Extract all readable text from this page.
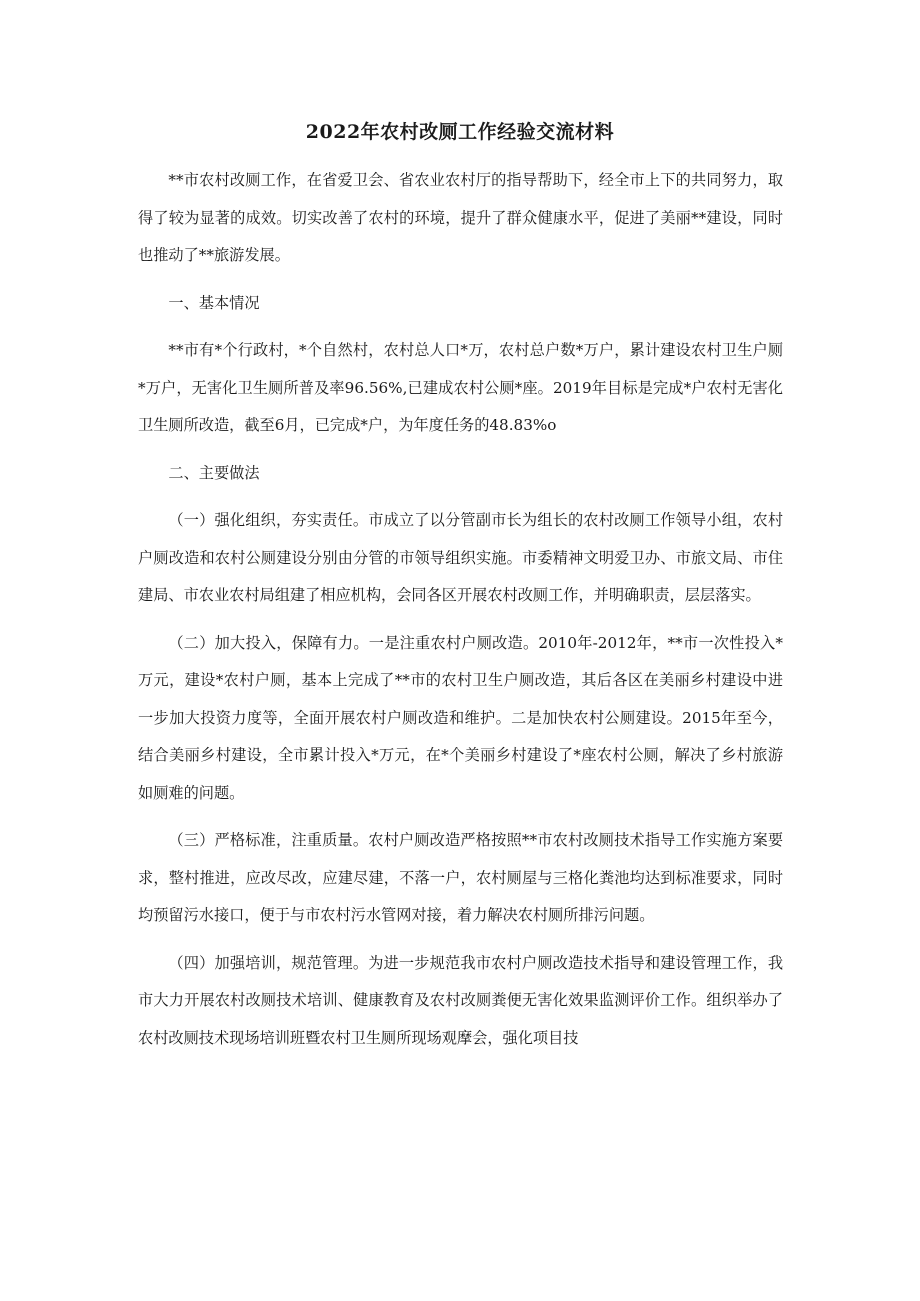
2022年农村改厕工作经验交流材料

**市农村改厕工作，在省爱卫会、省农业农村厅的指导帮助下，经全市上下的共同努力，取得了较为显著的成效。切实改善了农村的环境，提升了群众健康水平，促进了美丽**建设，同时也推动了**旅游发展。

一、基本情况

**市有*个行政村，*个自然村，农村总人口*万，农村总户数*万户，累计建设农村卫生户厕*万户，无害化卫生厕所普及率96.56%,已建成农村公厕*座。2019年目标是完成*户农村无害化卫生厕所改造，截至6月，已完成*户，为年度任务的48.83%o

二、主要做法

（一）强化组织，夯实责任。市成立了以分管副市长为组长的农村改厕工作领导小组，农村户厕改造和农村公厕建设分别由分管的市领导组织实施。市委精神文明爱卫办、市旅文局、市住建局、市农业农村局组建了相应机构，会同各区开展农村改厕工作，并明确职责，层层落实。

（二）加大投入，保障有力。一是注重农村户厕改造。2010年-2012年，**市一次性投入*万元，建设*农村户厕，基本上完成了**市的农村卫生户厕改造，其后各区在美丽乡村建设中进一步加大投资力度等，全面开展农村户厕改造和维护。二是加快农村公厕建设。2015年至今，结合美丽乡村建设，全市累计投入*万元，在*个美丽乡村建设了*座农村公厕，解决了乡村旅游如厕难的问题。

（三）严格标准，注重质量。农村户厕改造严格按照**市农村改厕技术指导工作实施方案要求，整村推进，应改尽改，应建尽建，不落一户，农村厕屋与三格化粪池均达到标准要求，同时均预留污水接口，便于与市农村污水管网对接，着力解决农村厕所排污问题。

（四）加强培训，规范管理。为进一步规范我市农村户厕改造技术指导和建设管理工作，我市大力开展农村改厕技术培训、健康教育及农村改厕粪便无害化效果监测评价工作。组织举办了农村改厕技术现场培训班暨农村卫生厕所现场观摩会，强化项目技
